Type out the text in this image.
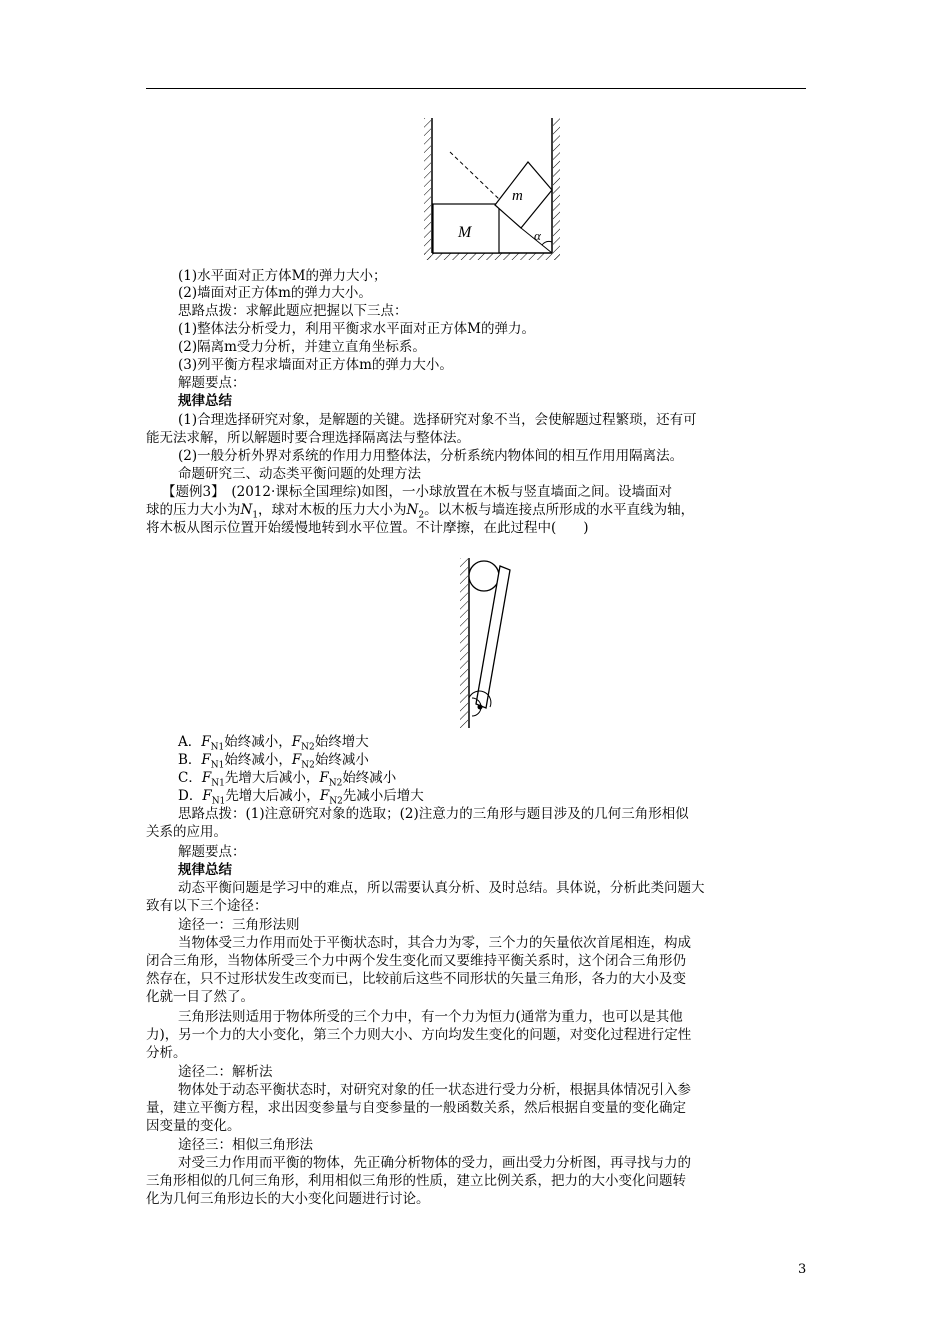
m
M	α
(1)水平面对正方体M的弹力大小；
(2)墙面对正方体m的弹力大小。
思路点拨：求解此题应把握以下三点：
(1)整体法分析受力，利用平衡求水平面对正方体M的弹力。
(2)隔离m受力分析，并建立直角坐标系。
(3)列平衡方程求墙面对正方体m的弹力大小。
解题要点：
规律总结
(1)合理选择研究对象，是解题的关键。选择研究对象不当，会使解题过程繁琐，还有可
能无法求解，所以解题时要合理选择隔离法与整体法。
(2)一般分析外界对系统的作用力用整体法，分析系统内物体间的相互作用用隔离法。
命题研究三、动态类平衡问题的处理方法
【题例3】　(2012·课标全国理综)如图，一小球放置在木板与竖直墙面之间。设墙面对
球的压力大小为$N_1$，球对木板的压力大小为$N_2$。以木板与墙连接点所形成的水平直线为轴，
将木板从图示位置开始缓慢地转到水平位置。不计摩擦，在此过程中(　　)
A．$F_{N1}$始终减小，$F_{N2}$始终增大
B．$F_{N1}$始终减小，$F_{N2}$始终减小
C．$F_{N1}$先增大后减小，$F_{N2}$始终减小
D．$F_{N1}$先增大后减小，$F_{N2}$先减小后增大
思路点拨：(1)注意研究对象的选取；(2)注意力的三角形与题目涉及的几何三角形相似
关系的应用。
解题要点：
规律总结
动态平衡问题是学习中的难点，所以需要认真分析、及时总结。具体说，分析此类问题大
致有以下三个途径：
途径一：三角形法则
当物体受三力作用而处于平衡状态时，其合力为零，三个力的矢量依次首尾相连，构成
闭合三角形，当物体所受三个力中两个发生变化而又要维持平衡关系时，这个闭合三角形仍
然存在，只不过形状发生改变而已，比较前后这些不同形状的矢量三角形，各力的大小及变
化就一目了然了。
三角形法则适用于物体所受的三个力中，有一个力为恒力(通常为重力，也可以是其他
力)，另一个力的大小变化，第三个力则大小、方向均发生变化的问题，对变化过程进行定性
分析。
途径二：解析法
物体处于动态平衡状态时，对研究对象的任一状态进行受力分析，根据具体情况引入参
量，建立平衡方程，求出因变参量与自变参量的一般函数关系，然后根据自变量的变化确定
因变量的变化。
途径三：相似三角形法
对受三力作用而平衡的物体，先正确分析物体的受力，画出受力分析图，再寻找与力的
三角形相似的几何三角形，利用相似三角形的性质，建立比例关系，把力的大小变化问题转
化为几何三角形边长的大小变化问题进行讨论。
3
